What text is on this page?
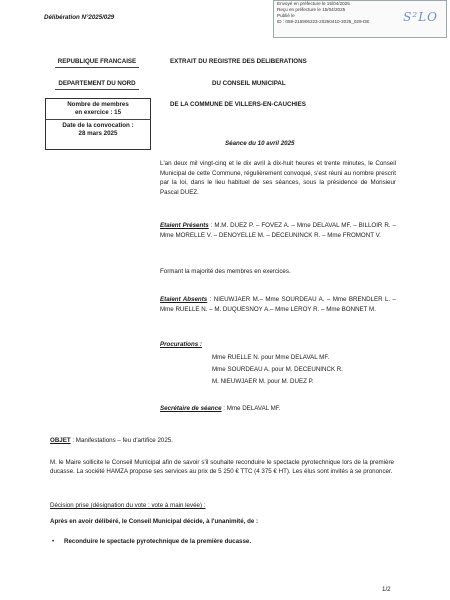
Délibération N°2025/029
Envoyé en préfecture le 15/04/2025
Reçu en préfecture le 15/04/2025
Publié le
ID : 059-215906223-20250410-2025_029-DE	S²LO
REPUBLIQUE FRANCAISE
DEPARTEMENT DU NORD
Nombre de membres
en exercice : 15
Date de la convocation :
28 mars 2025
EXTRAIT DU REGISTRE DES DELIBERATIONS
DU CONSEIL MUNICIPAL
DE LA COMMUNE DE VILLERS-EN-CAUCHIES
Séance du 10 avril 2025
L'an deux mil vingt-cinq et le dix avril à dix-huit heures et trente minutes, le Conseil Municipal de cette Commune, régulièrement convoqué, s'est réuni au nombre prescrit par la loi, dans le lieu habituel de ses séances, sous la présidence de Monsieur Pascal DUEZ.
Etaient Présents : M.M. DUEZ P. – FOVEZ A. – Mme DELAVAL MF. – BILLOIR R. – Mme MORELLE V. – DENOYELLE M. – DECEUNINCK R. – Mme FROMONT V.
Formant la majorité des membres en exercices.
Etaient Absents : NIEUWJAER M.– Mme SOURDEAU A. – Mme BRENDLER L. – Mme RUELLE N. – M. DUQUESNOY A.– Mme LEROY R. – Mme BONNET M.
Procurations :
Mme RUELLE N. pour Mme DELAVAL MF.
Mme SOURDEAU A. pour M. DECEUNINCK R.
M. NIEUWJAER M. pour M. DUEZ P.
Secrétaire de séance : Mme DELAVAL MF.
OBJET : Manifestations – feu d'artifice 2025.
M. le Maire sollicite le Conseil Municipal afin de savoir s'il souhaite reconduire le spectacle pyrotechnique lors de la première ducasse. La société HAMZA propose ses services au prix de 5 250 € TTC (4 375 € HT). Les élus sont invités à se prononcer.
Décision prise (désignation du vote : vote à main levée) :
Après en avoir délibéré, le Conseil Municipal décide, à l'unanimité, de :
• Reconduire le spectacle pyrotechnique de la première ducasse.
1/2
